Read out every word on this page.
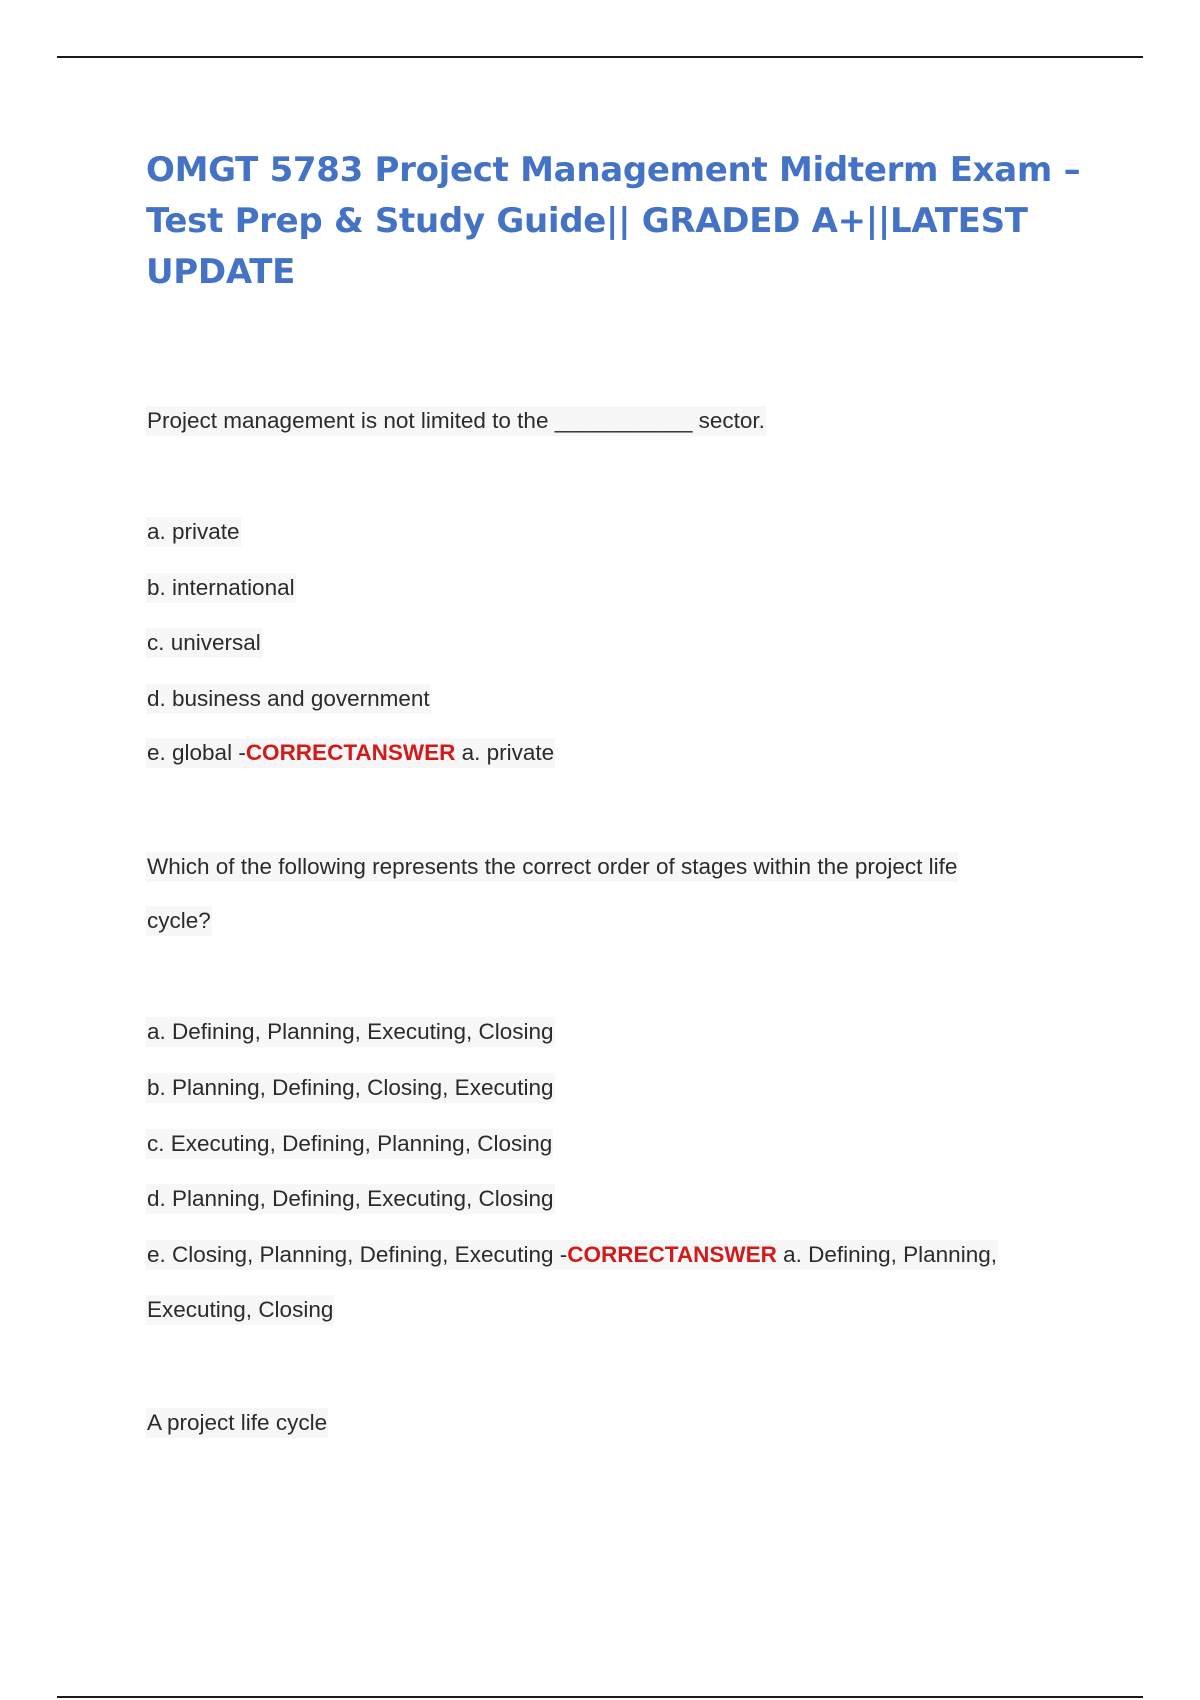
OMGT 5783 Project Management Midterm Exam – Test Prep & Study Guide|| GRADED A+||LATEST UPDATE
Project management is not limited to the ___________ sector.
a. private
b. international
c. universal
d. business and government
e. global -CORRECTANSWER a. private
Which of the following represents the correct order of stages within the project life
cycle?
a. Defining, Planning, Executing, Closing
b. Planning, Defining, Closing, Executing
c. Executing, Defining, Planning, Closing
d. Planning, Defining, Executing, Closing
e. Closing, Planning, Defining, Executing -CORRECTANSWER a. Defining, Planning,
Executing, Closing
A project life cycle
